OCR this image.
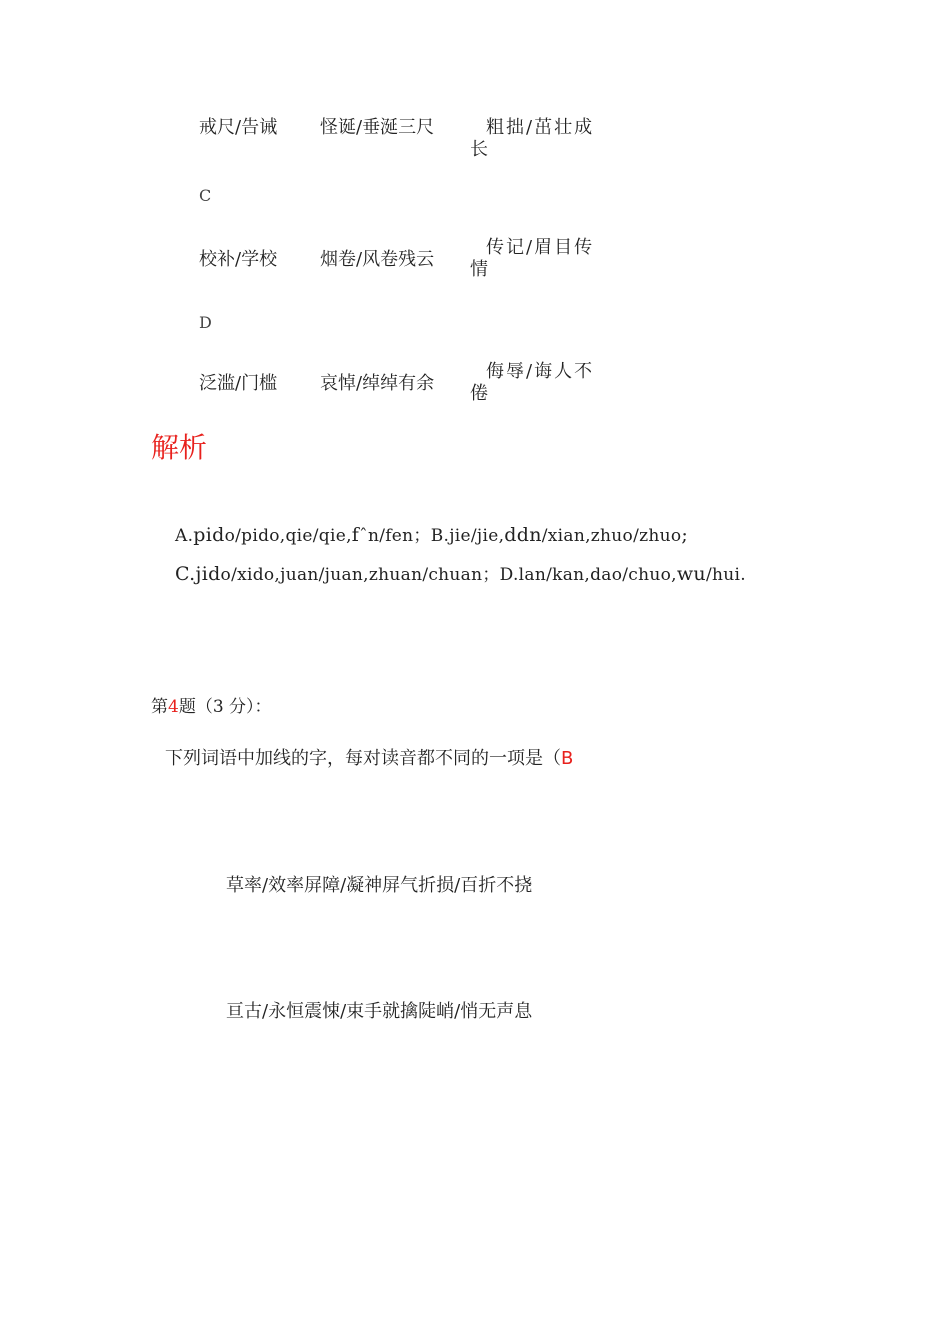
戒尺/告诫 怪诞/垂涎三尺	粗拙/茁壮成
长
C
校补/学校 烟卷/风卷残云
传记/眉目传
情
D
泛滥/门槛 哀悼/绰绰有余
侮辱/诲人不
倦
解析
A.pido/pido,qie/qie,fˆn/fen；B.jie/jie,ddn/xian,zhuo/zhuo;
C.jido/xido,juan/juan,zhuan/chuan；D.lan/kan,dao/chuo,wu/hui.
第4题（3 分）：
下列词语中加线的字，每对读音都不同的一项是（B
草率/效率屏障/凝神屏气折损/百折不挠
亘古/永恒震悚/束手就擒陡峭/悄无声息
